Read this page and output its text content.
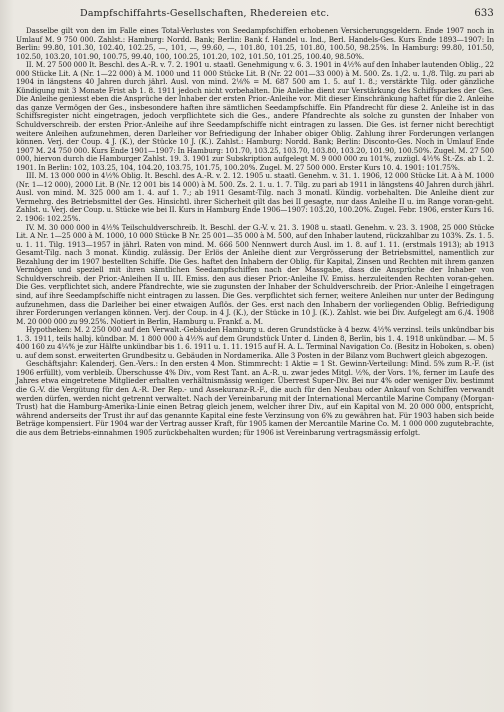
Dampfschiffahrts-Gesellschaften, Rhedereien etc.	633

Dasselbe gilt von den im Falle eines Total-Verlustes von Seedampfschiffen erhobenen Versicherungsgeldern. Ende 1907 noch in Umlauf M. 9 750 000. Zahlst.: Hamburg: Nordd. Bank; Berlin: Bank f. Handel u. Ind., Berl. Handels-Ges. Kurs Ende 1893—1907: In Berlin: 99.80, 101.30, 102.40, 102.25, —, 101, —, 99.60, —, 101.80, 101.25, 101.80, 100.50, 98.25%. In Hamburg: 99.80, 101.50, 102.50, 103.20, 101.90, 100.75, 99.40, 100, 100.25, 101.20, 102, 101.50, 101.25, 100.40, 98.50%.

II. M. 27 500 000 It. Beschl. des A.-R. v. 7. 2. 1901 u. staatl. Genehmigung v. 6. 3. 1901 in 4½% auf den Inhaber lautenden Oblig., 22 000 Stücke Lit. A (Nr. 1—22 000) à M. 1000 und 11 000 Stücke Lit. B (Nr. 22 001—33 000) à M. 500. Zs. 1./2. u. 1./8. Tilg. zu pari ab 1904 in längstens 40 Jahren durch jährl. Ausl. von mind. 2⅛% = M. 687 500 am 1. 5. auf 1. 8.; verstärkte Tilg. oder gänzliche Kündigung mit 3 Monate Frist ab 1. 8. 1911 jedoch nicht vorbehalten. Die Anleihe dient zur Verstärkung des Schiffsparkes der Ges. Die Anleihe geniesst eben die Ansprüche der Inhaber der ersten Prior.-Anleihe vor. Mit dieser Einschränkung haftet für die 2. Anleihe das ganze Vermögen der Ges., insbesondere haften ihre sämtlichen Seedampfschiffe. Ein Pfandrecht für diese 2. Anleihe ist in das Schiffsregister nicht eingetragen, jedoch verpflichtete sich die Ges., andere Pfandrechte als solche zu gunsten der Inhaber von Schuldverschreib. der ersten Prior.-Anleihe auf ihre Seedampfschiffe nicht eintragen zu lassen. Die Ges. ist ferner nicht berechtigt weitere Anleihen aufzunehmen, deren Darleiher vor Befriedigung der Inhaber obiger Oblig. Zahlung ihrer Forderungen verlangen können. Verj. der Coup. 4 J. (K.), der Stücke 10 J. (K.). Zahlst.: Hamburg: Nordd. Bank; Berlin: Disconto-Ges. Noch in Umlauf Ende 1907 M. 24 750 000. Kurs Ende 1901—1907: In Hamburg: 101.70, 103.25, 103.70, 103.80, 103.20, 101.90, 100.50%. Zugel. M. 27 500 000, hiervon durch die Hamburger Zahlst. 19. 3. 1901 zur Subskription aufgelegt M. 9 000 000 zu 101%, zuzügl. 4½% St.-Zs. ab 1. 2. 1901. In Berlin: 102, 103.25, 104, 104.20, 103.75, 101.75, 100.20%. Zugel. M. 27 500 000. Erster Kurs 10. 4. 1901: 101.75%.

III. M. 13 000 000 in 4½% Oblig. It. Beschl. des A.-R. v. 2. 12. 1905 u. staatl. Genehm. v. 31. 1. 1906, 12 000 Stücke Lit. A à M. 1000 (Nr. 1—12 000), 2000 Lit. B (Nr. 12 001 bis 14 000) à M. 500. Zs. 2. 1. u. 1. 7. Tilg. zu pari ab 1911 in längstens 40 Jahren durch jährl. Ausl. von mind. M. 325 000 am 1. 4. auf 1. 7.; ab 1911 Gesamt-Tilg. nach 3 monatl. Kündig. vorbehalten. Die Anleihe dient zur Vermehrg. des Betriebsmittel der Ges. Hinsichtl. ihrer Sicherheit gilt das bei II gesagte, nur dass Anleihe II u. im Range voran-geht. Zahlst. u. Verj. der Coup. u. Stücke wie bei II. Kurs in Hamburg Ende 1906—1907: 103.20, 100.20%. Zugel. Febr. 1906, erster Kurs 16. 2. 1906: 102.25%.

IV. M. 30 000 000 in 4½% Teilschuldverschreib. lt. Beschl. der G.-V. v. 21. 3. 1908 u. staatl. Genehm. v. 23. 3. 1908, 25 000 Stücke Lit. A Nr. 1—25 000 à M. 1000, 10 000 Stücke B Nr. 25 001—35 000 à M. 500, auf den Inhaber lautend, rückzahlbar zu 103%. Zs. 1. 5. u. 1. 11. Tilg. 1913—1957 in jährl. Raten von mind. M. 666 500 Nennwert durch Ausl. im 1. 8. auf 1. 11. (erstmals 1913); ab 1913 Gesamt-Tilg. nach 3 monat. Kündig. zulässig. Der Erlös der Anleihe dient zur Vergrösserung der Betriebsmittel, namentlich zur Bezahlung der im 1907 bestellten Schiffe. Die Ges. haftet den Inhabern der Oblig. für Kapital, Zinsen und Rechten mit ihrem ganzen Vermögen und speziell mit ihren sämtlichen Seedampfschiffen nach der Massgabe, dass die Ansprüche der Inhaber von Schuldverschreib. der Prior.-Anleihen II u. III. Emiss. den aus dieser Prior.-Anleihe IV. Emiss. herzuleitenden Rechten voran-gehen. Die Ges. verpflichtet sich, andere Pfandrechte, wie sie zugunsten der Inhaber der Schuldverschreib. der Prior.-Anleihe I eingetragen sind, auf ihre Seedampfschiffe nicht eintragen zu lassen. Die Ges. verpflichtet sich ferner, weitere Anleihen nur unter der Bedingung aufzunehmen, dass die Darleiher bei einer etwaigen Auflös. der Ges. erst nach den Inhabern der vorliegenden Oblig. Befriedigung ihrer Forderungen verlangen können. Verj. der Coup. in 4 J. (K.), der Stücke in 10 J. (K.). Zahlst. wie bei Div. Aufgelegt am 6./4. 1908 M. 20 000 000 zu 99.25%. Notiert in Berlin, Hamburg u. Frankf. a. M.

Hypotheken: M. 2 250 000 auf den Verwalt.-Gebäuden Hamburg u. deren Grundstücke à 4 bezw. 4½% verzinsl. teils unkündbar bis 1. 3. 1911, teils halbj. kündbar. M. 1 800 000 à 4½% auf dem Grundstück Unter d. Linden 8, Berlin, bis 1. 4. 1918 unkündbar. — M. 5 400 160 zu 4¼% je zur Hälfte unkündbar bis 1. 6. 1911 u. 1. 11. 1915 auf H. A. L. Terminal Navigation Co. (Besitz in Hoboken, s. oben) u. auf dem sonst. erweiterten Grundbesitz u. Gebäuden in Nordamerika. Alle 3 Posten in der Bilanz vom Buchwert gleich abgezogen.

Geschäftsjahr: Kalenderj. Gen.-Vers.: In den ersten 4 Mon. Stimmrecht: 1 Aktie = 1 St. Gewinn-Verteilung: Mind. 5% zum R.-F. (ist 1906 erfüllt), vom verbleib. Überschusse 4% Div., vom Rest Tant. an A.-R. u. zwar jedes Mitgl. ½%, der Vors. 1%, ferner im Laufe des Jahres etwa eingetretene Mitglieder erhalten verhältnismässig weniger. Überrest Super-Div. Bei nur 4% oder weniger Div. bestimmt die G.-V. die Vergütung für den A.-R. Der Rep.- und Assekuranz-R.-F., die auch für den Neubau oder Ankauf von Schiffen verwandt werden dürfen, werden nicht getrennt verwaltet. Nach der Vereinbarung mit der International Mercantile Marine Company (Morgan-Trust) hat die Hamburg-Amerika-Linie einen Betrag gleich jenem, welcher ihrer Div., auf ein Kapital von M. 20 000 000, entspricht, während anderseits der Trust ihr auf das genannte Kapital eine feste Verzinsung von 6% zu gewähren hat. Für 1903 haben sich beide Beträge kompensiert. Für 1904 war der Vertrag ausser Kraft, für 1905 kamen der Mercantile Marine Co. M. 1 000 000 zugutebrachte, die aus dem Betriebs-einnahmen 1905 zurückbehalten wurden; für 1906 ist Vereinbarung vertragsmässig erfolgt.
